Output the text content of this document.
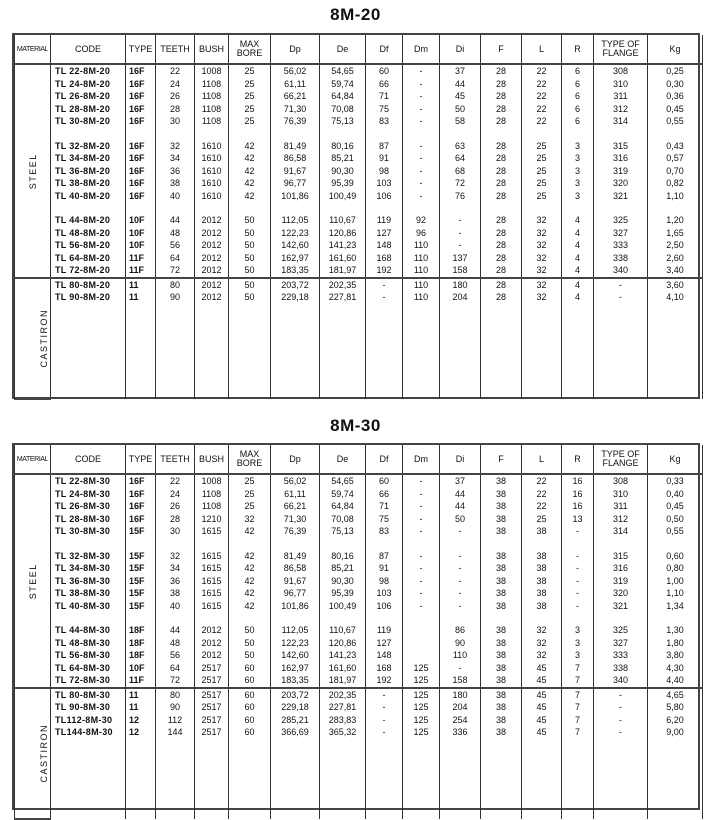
8M-20
MATERIAL	CODE	TYPE	TEETH	BUSH	MAX BORE	Dp	De	Df	Dm	Di	F	L	R	TYPE OF FLANGE	Kg
STEEL	TL 22-8M-20	16F	22	1008	25	56,02	54,65	60	-	37	28	22	6	308	0,25
	TL 24-8M-20	16F	24	1108	25	61,11	59,74	66	-	44	28	22	6	310	0,30
	TL 26-8M-20	16F	26	1108	25	66,21	64,84	71	-	45	28	22	6	311	0,36
	TL 28-8M-20	16F	28	1108	25	71,30	70,08	75	-	50	28	22	6	312	0,45
	TL 30-8M-20	16F	30	1108	25	76,39	75,13	83	-	58	28	22	6	314	0,55

	TL 32-8M-20	16F	32	1610	42	81,49	80,16	87	-	63	28	25	3	315	0,43
	TL 34-8M-20	16F	34	1610	42	86,58	85,21	91	-	64	28	25	3	316	0,57
	TL 36-8M-20	16F	36	1610	42	91,67	90,30	98	-	68	28	25	3	319	0,70
	TL 38-8M-20	16F	38	1610	42	96,77	95,39	103	-	72	28	25	3	320	0,82
	TL 40-8M-20	16F	40	1610	42	101,86	100,49	106	-	76	28	25	3	321	1,10

	TL 44-8M-20	10F	44	2012	50	112,05	110,67	119	92	-	28	32	4	325	1,20
	TL 48-8M-20	10F	48	2012	50	122,23	120,86	127	96	-	28	32	4	327	1,65
	TL 56-8M-20	10F	56	2012	50	142,60	141,23	148	110	-	28	32	4	333	2,50
	TL 64-8M-20	11F	64	2012	50	162,97	161,60	168	110	137	28	32	4	338	2,60
	TL 72-8M-20	11F	72	2012	50	183,35	181,97	192	110	158	28	32	4	340	3,40
CASTIRON	TL 80-8M-20	11	80	2012	50	203,72	202,35	-	110	180	28	32	4	-	3,60
	TL 90-8M-20	11	90	2012	50	229,18	227,81	-	110	204	28	32	4	-	4,10

8M-30
MATERIAL	CODE	TYPE	TEETH	BUSH	MAX BORE	Dp	De	Df	Dm	Di	F	L	R	TYPE OF FLANGE	Kg
STEEL	TL 22-8M-30	16F	22	1008	25	56,02	54,65	60	-	37	38	22	16	308	0,33
	TL 24-8M-30	16F	24	1108	25	61,11	59,74	66	-	44	38	22	16	310	0,40
	TL 26-8M-30	16F	26	1108	25	66,21	64,84	71	-	44	38	22	16	311	0,45
	TL 28-8M-30	16F	28	1210	32	71,30	70,08	75	-	50	38	25	13	312	0,50
	TL 30-8M-30	15F	30	1615	42	76,39	75,13	83	-	-	38	38	-	314	0,55

	TL 32-8M-30	15F	32	1615	42	81,49	80,16	87	-	-	38	38	-	315	0,60
	TL 34-8M-30	15F	34	1615	42	86,58	85,21	91	-	-	38	38	-	316	0,80
	TL 36-8M-30	15F	36	1615	42	91,67	90,30	98	-	-	38	38	-	319	1,00
	TL 38-8M-30	15F	38	1615	42	96,77	95,39	103	-	-	38	38	-	320	1,10
	TL 40-8M-30	15F	40	1615	42	101,86	100,49	106	-	-	38	38	-	321	1,34

	TL 44-8M-30	18F	44	2012	50	112,05	110,67	119		86	38	32	3	325	1,30
	TL 48-8M-30	18F	48	2012	50	122,23	120,86	127		90	38	32	3	327	1,80
	TL 56-8M-30	18F	56	2012	50	142,60	141,23	148		110	38	32	3	333	3,80
	TL 64-8M-30	10F	64	2517	60	162,97	161,60	168	125	-	38	45	7	338	4,30
	TL 72-8M-30	11F	72	2517	60	183,35	181,97	192	125	158	38	45	7	340	4,40
CASTIRON	TL 80-8M-30	11	80	2517	60	203,72	202,35	-	125	180	38	45	7	-	4,65
	TL 90-8M-30	11	90	2517	60	229,18	227,81	-	125	204	38	45	7	-	5,80
	TL112-8M-30	12	112	2517	60	285,21	283,83	-	125	254	38	45	7	-	6,20
	TL144-8M-30	12	144	2517	60	366,69	365,32	-	125	336	38	45	7	-	9,00
